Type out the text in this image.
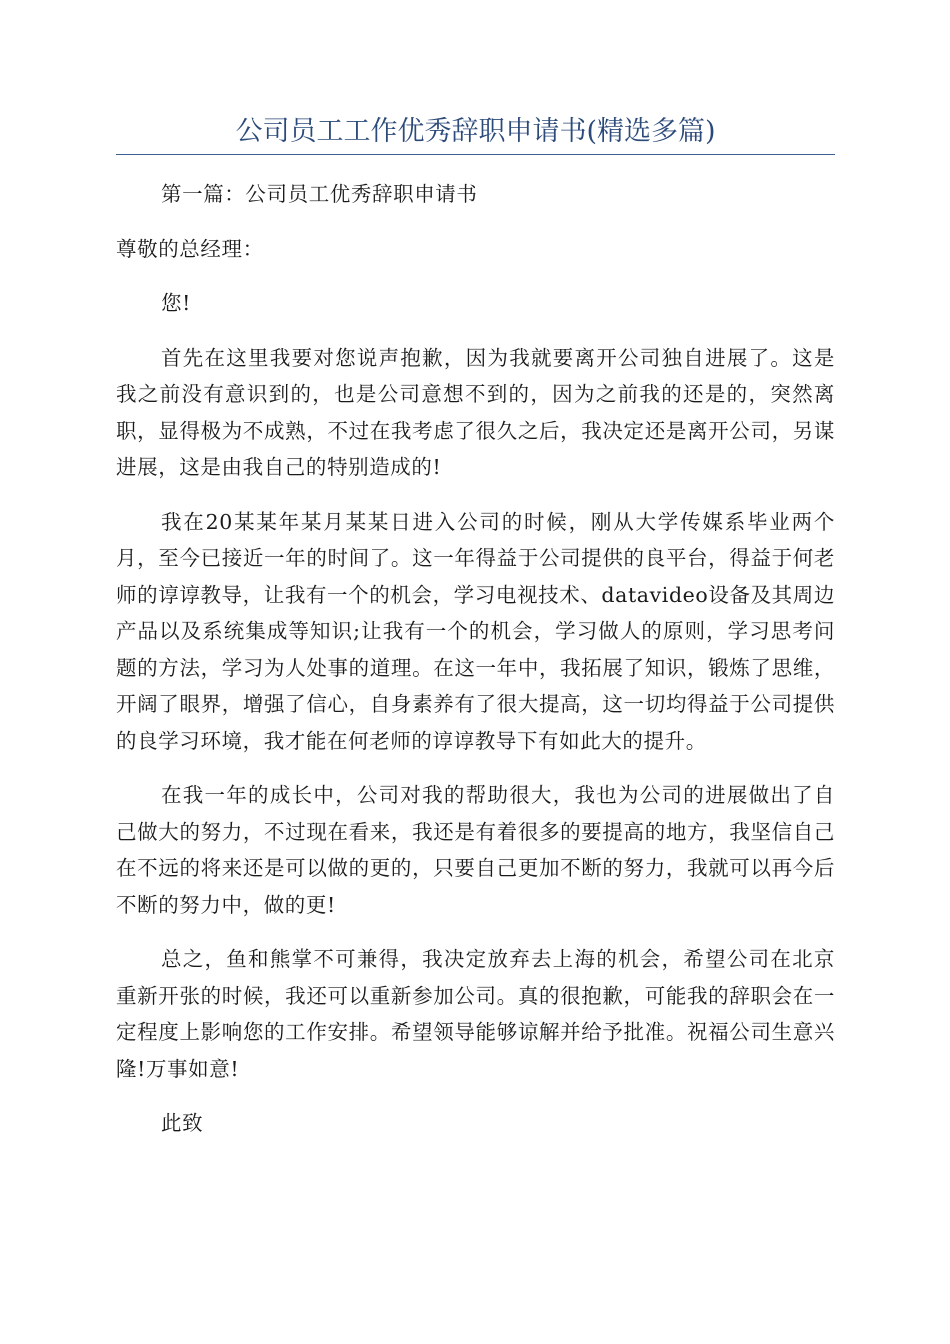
公司员工工作优秀辞职申请书(精选多篇)

第一篇：公司员工优秀辞职申请书

尊敬的总经理：

您!

首先在这里我要对您说声抱歉，因为我就要离开公司独自进展了。这是我之前没有意识到的，也是公司意想不到的，因为之前我的还是的，突然离职，显得极为不成熟，不过在我考虑了很久之后，我决定还是离开公司，另谋进展，这是由我自己的特别造成的!

我在20某某年某月某某日进入公司的时候，刚从大学传媒系毕业两个月，至今已接近一年的时间了。这一年得益于公司提供的良平台，得益于何老师的谆谆教导，让我有一个的机会，学习电视技术、datavideo设备及其周边产品以及系统集成等知识;让我有一个的机会，学习做人的原则，学习思考问题的方法，学习为人处事的道理。在这一年中，我拓展了知识，锻炼了思维，开阔了眼界，增强了信心，自身素养有了很大提高，这一切均得益于公司提供的良学习环境，我才能在何老师的谆谆教导下有如此大的提升。

在我一年的成长中，公司对我的帮助很大，我也为公司的进展做出了自己做大的努力，不过现在看来，我还是有着很多的要提高的地方，我坚信自己在不远的将来还是可以做的更的，只要自己更加不断的努力，我就可以再今后不断的努力中，做的更!

总之，鱼和熊掌不可兼得，我决定放弃去上海的机会，希望公司在北京重新开张的时候，我还可以重新参加公司。真的很抱歉，可能我的辞职会在一定程度上影响您的工作安排。希望领导能够谅解并给予批准。祝福公司生意兴隆!万事如意!

此致
